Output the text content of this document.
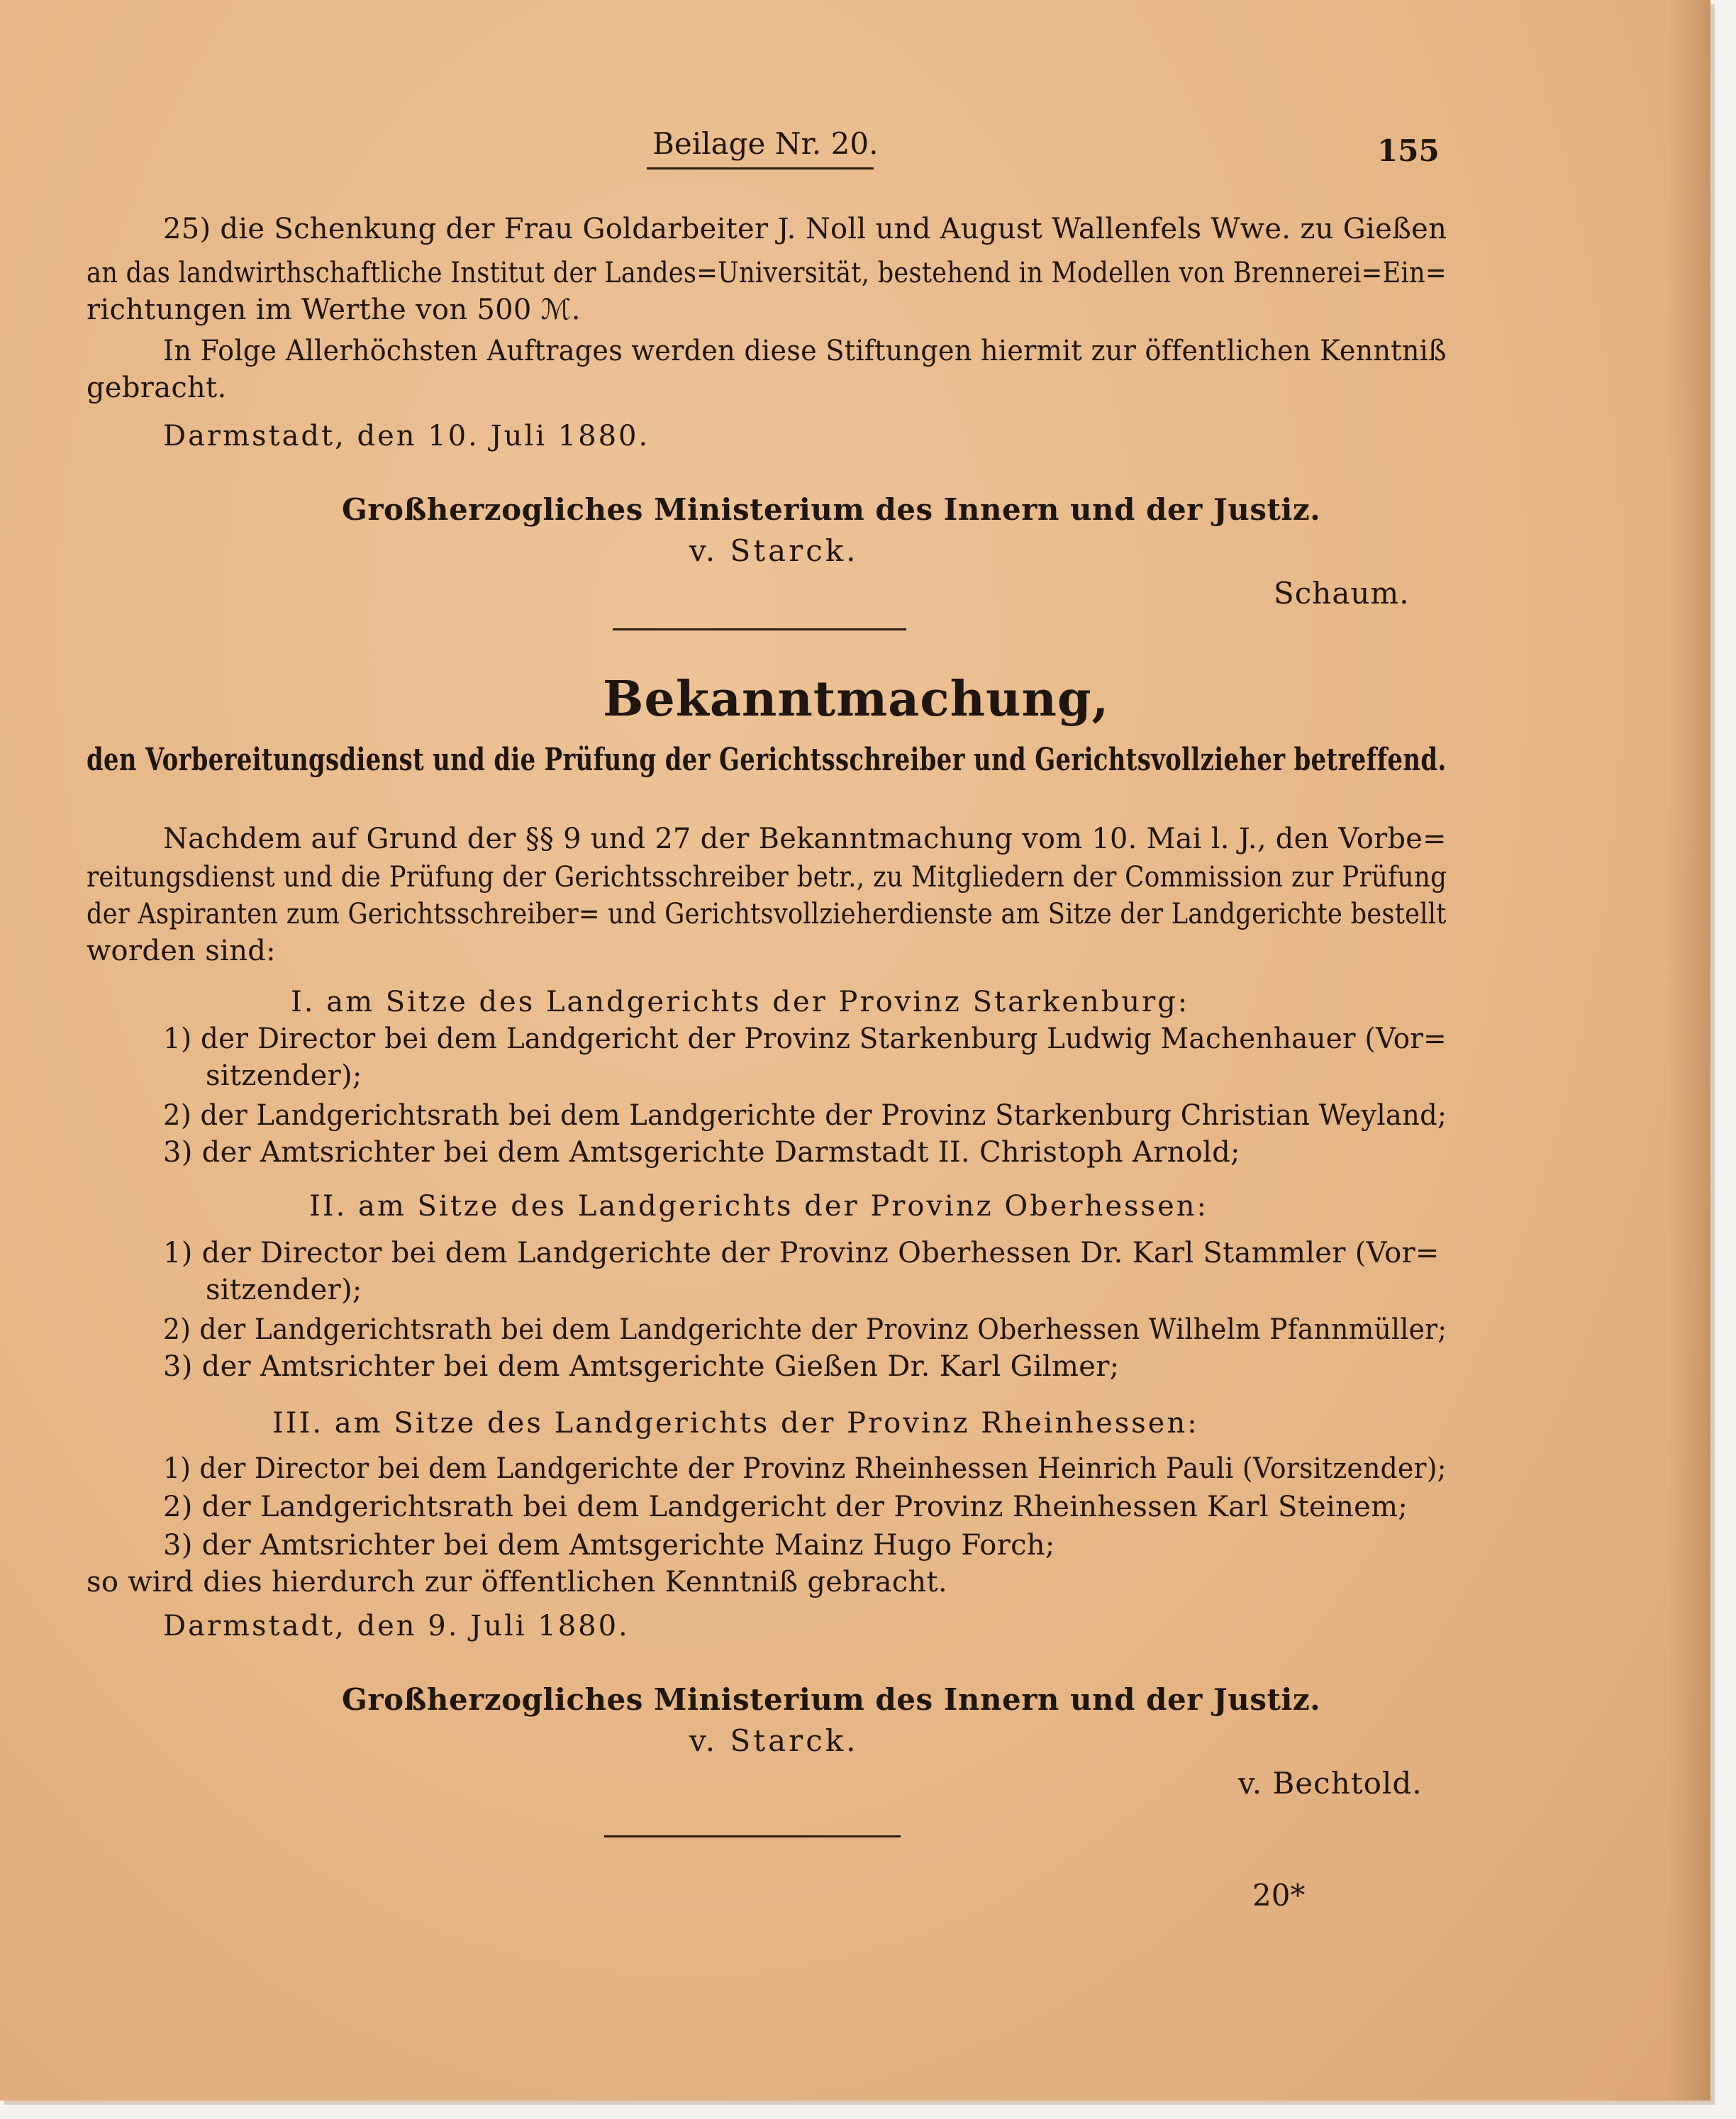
Beilage Nr. 20.	155
25) die Schenkung der Frau Goldarbeiter J. Noll und August Wallenfels Wwe. zu Gießen
an das landwirthschaftliche Institut der Landes=Universität, bestehend in Modellen von Brennerei=Ein=
richtungen im Werthe von 500 ℳ.
In Folge Allerhöchsten Auftrages werden diese Stiftungen hiermit zur öffentlichen Kenntniß
gebracht.
Darmstadt, den 10. Juli 1880.
Großherzogliches Ministerium des Innern und der Justiz.
v. Starck.
Schaum.
Bekanntmachung,
den Vorbereitungsdienst und die Prüfung der Gerichtsschreiber und Gerichtsvollzieher betreffend.
Nachdem auf Grund der §§ 9 und 27 der Bekanntmachung vom 10. Mai l. J., den Vorbe=
reitungsdienst und die Prüfung der Gerichtsschreiber betr., zu Mitgliedern der Commission zur Prüfung
der Aspiranten zum Gerichtsschreiber= und Gerichtsvollzieherdienste am Sitze der Landgerichte bestellt
worden sind:
I. am Sitze des Landgerichts der Provinz Starkenburg:
1) der Director bei dem Landgericht der Provinz Starkenburg Ludwig Machenhauer (Vor=
sitzender);
2) der Landgerichtsrath bei dem Landgerichte der Provinz Starkenburg Christian Weyland;
3) der Amtsrichter bei dem Amtsgerichte Darmstadt II. Christoph Arnold;
II. am Sitze des Landgerichts der Provinz Oberhessen:
1) der Director bei dem Landgerichte der Provinz Oberhessen Dr. Karl Stammler (Vor=
sitzender);
2) der Landgerichtsrath bei dem Landgerichte der Provinz Oberhessen Wilhelm Pfannmüller;
3) der Amtsrichter bei dem Amtsgerichte Gießen Dr. Karl Gilmer;
III. am Sitze des Landgerichts der Provinz Rheinhessen:
1) der Director bei dem Landgerichte der Provinz Rheinhessen Heinrich Pauli (Vorsitzender);
2) der Landgerichtsrath bei dem Landgericht der Provinz Rheinhessen Karl Steinem;
3) der Amtsrichter bei dem Amtsgerichte Mainz Hugo Forch;
so wird dies hierdurch zur öffentlichen Kenntniß gebracht.
Darmstadt, den 9. Juli 1880.
Großherzogliches Ministerium des Innern und der Justiz.
v. Starck.
v. Bechtold.
20*
